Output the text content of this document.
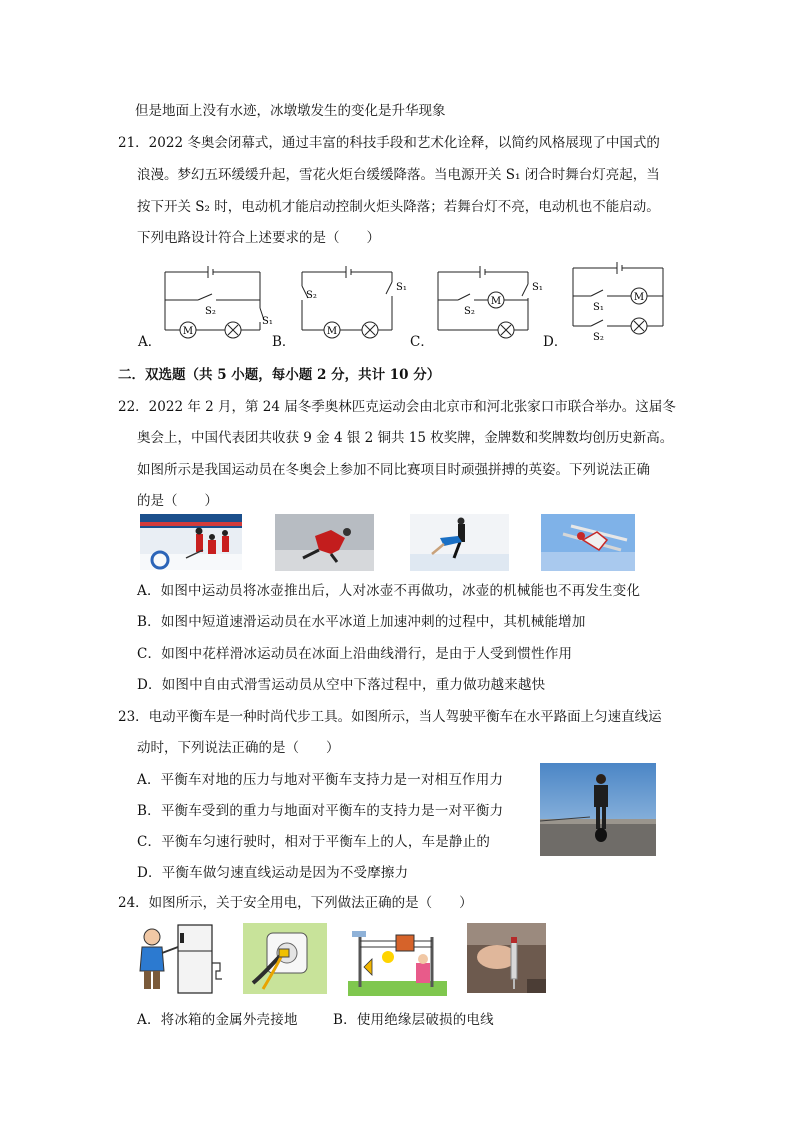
但是地面上没有水迹，冰墩墩发生的变化是升华现象
21．2022 冬奥会闭幕式，通过丰富的科技手段和艺术化诠释，以简约风格展现了中国式的
浪漫。梦幻五环缓缓升起，雪花火炬台缓缓降落。当电源开关 S₁ 闭合时舞台灯亮起，当
按下开关 S₂ 时，电动机才能启动控制火炬头降落；若舞台灯不亮，电动机也不能启动。
下列电路设计符合上述要求的是（　　）
A．
M
S₂
S₁
B．
M
S₂
S₁
C．
M
S₂
S₁
D．
M
S₁
S₂
二．双选题（共 5 小题，每小题 2 分，共计 10 分）
22．2022 年 2 月，第 24 届冬季奥林匹克运动会由北京市和河北张家口市联合举办。这届冬
奥会上，中国代表团共收获 9 金 4 银 2 铜共 15 枚奖牌，金牌数和奖牌数均创历史新高。
如图所示是我国运动员在冬奥会上参加不同比赛项目时顽强拼搏的英姿。下列说法正确
的是（　　）
A．如图中运动员将冰壶推出后，人对冰壶不再做功，冰壶的机械能也不再发生变化
B．如图中短道速滑运动员在水平冰道上加速冲刺的过程中，其机械能增加
C．如图中花样滑冰运动员在冰面上沿曲线滑行，是由于人受到惯性作用
D．如图中自由式滑雪运动员从空中下落过程中，重力做功越来越快
23．电动平衡车是一种时尚代步工具。如图所示，当人驾驶平衡车在水平路面上匀速直线运
动时，下列说法正确的是（　　）
A．平衡车对地的压力与地对平衡车支持力是一对相互作用力
B．平衡车受到的重力与地面对平衡车的支持力是一对平衡力
C．平衡车匀速行驶时，相对于平衡车上的人，车是静止的
D．平衡车做匀速直线运动是因为不受摩擦力
24．如图所示，关于安全用电，下列做法正确的是（　　）
A．将冰箱的金属外壳接地	B．使用绝缘层破损的电线
